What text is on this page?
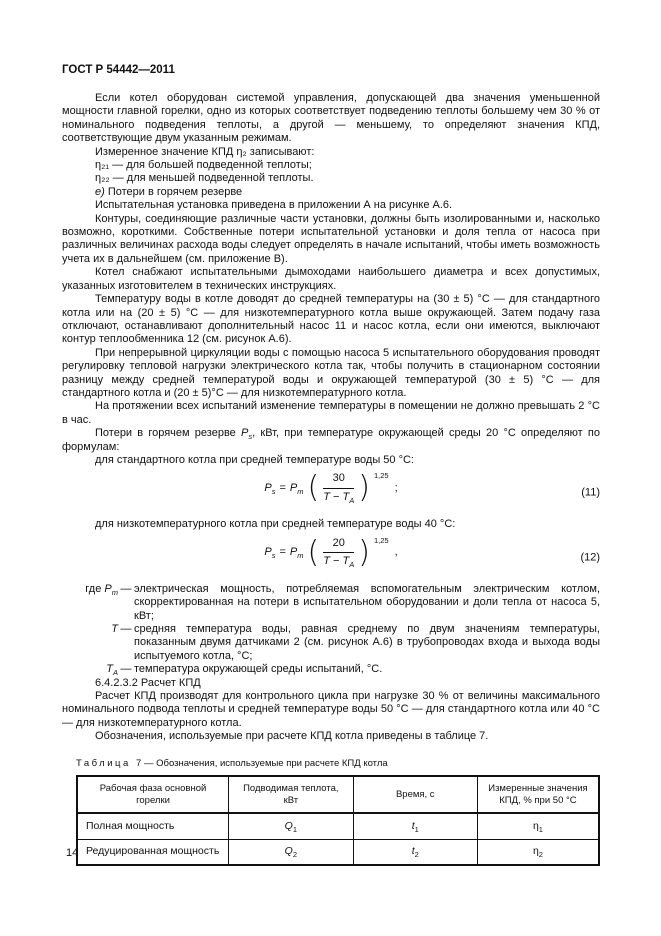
ГОСТ Р 54442—2011

Если котел оборудован системой управления, допускающей два значения уменьшенной мощности главной горелки, одно из которых соответствует подведению теплоты большему чем 30 % от номинального подведения теплоты, а другой — меньшему, то определяют значения КПД, соответствующие двум указанным режимам.

Измеренное значение КПД η₂ записывают:

η₂₁ — для большей подведенной теплоты;

η₂₂ — для меньшей подведенной теплоты.

е) Потери в горячем резерве

Испытательная установка приведена в приложении А на рисунке А.6.

Контуры, соединяющие различные части установки, должны быть изолированными и, насколько возможно, короткими. Собственные потери испытательной установки и доля тепла от насоса при различных величинах расхода воды следует определять в начале испытаний, чтобы иметь возможность учета их в дальнейшем (см. приложение В).

Котел снабжают испытательными дымоходами наибольшего диаметра и всех допустимых, указанных изготовителем в технических инструкциях.

Температуру воды в котле доводят до средней температуры на (30 ± 5) °С — для стандартного котла или на (20 ± 5) °С — для низкотемпературного котла выше окружающей. Затем подачу газа отключают, останавливают дополнительный насос 11 и насос котла, если они имеются, выключают контур теплообменника 12 (см. рисунок А.6).

При непрерывной циркуляции воды с помощью насоса 5 испытательного оборудования проводят регулировку тепловой нагрузки электрического котла так, чтобы получить в стационарном состоянии разницу между средней температурой воды и окружающей температурой (30 ± 5) °С — для стандартного котла и (20 ± 5)°С — для низкотемпературного котла.

На протяжении всех испытаний изменение температуры в помещении не должно превышать 2 °С в час.

Потери в горячем резерве $P_s$, кВт, при температуре окружающей среды 20 °С определяют по формулам:

для стандартного котла при средней температуре воды 50 °С:

$P_s = P_m$ ( $\frac{30}{T - T_A}$ ) $^{1,25}$
;	(11)

для низкотемпературного котла при средней температуре воды 40 °С:

$P_s = P_m$ ( $\frac{20}{T - T_A}$ ) $^{1,25}$
,	(12)
где $P_m$ — электрическая мощность, потребляемая вспомогательным электрическим котлом, скорректированная на потери в испытательном оборудовании и доли тепла от насоса 5, кВт;
T — средняя температура воды, равная среднему по двум значениям температуры, показанным двумя датчиками 2 (см. рисунок А.6) в трубопроводах входа и выхода воды испытуемого котла, °С;
$T_A$ — температура окружающей среды испытаний, °С.

6.4.2.3.2 Расчет КПД

Расчет КПД производят для контрольного цикла при нагрузке 30 % от величины максимального номинального подвода теплоты и средней температуре воды 50 °С — для стандартного котла или 40 °С — для низкотемпературного котла.

Обозначения, используемые при расчете КПД котла приведены в таблице 7.

Таблица 7 — Обозначения, используемые при расчете КПД котла
Рабочая фаза основной горелки	Подводимая теплота, кВт	Время, с	Измеренные значения КПД, % при 50 °С
Полная мощность	$Q_1$	$t_1$	$\eta_1$
Редуцированная мощность	$Q_2$	$t_2$	$\eta_2$
14
